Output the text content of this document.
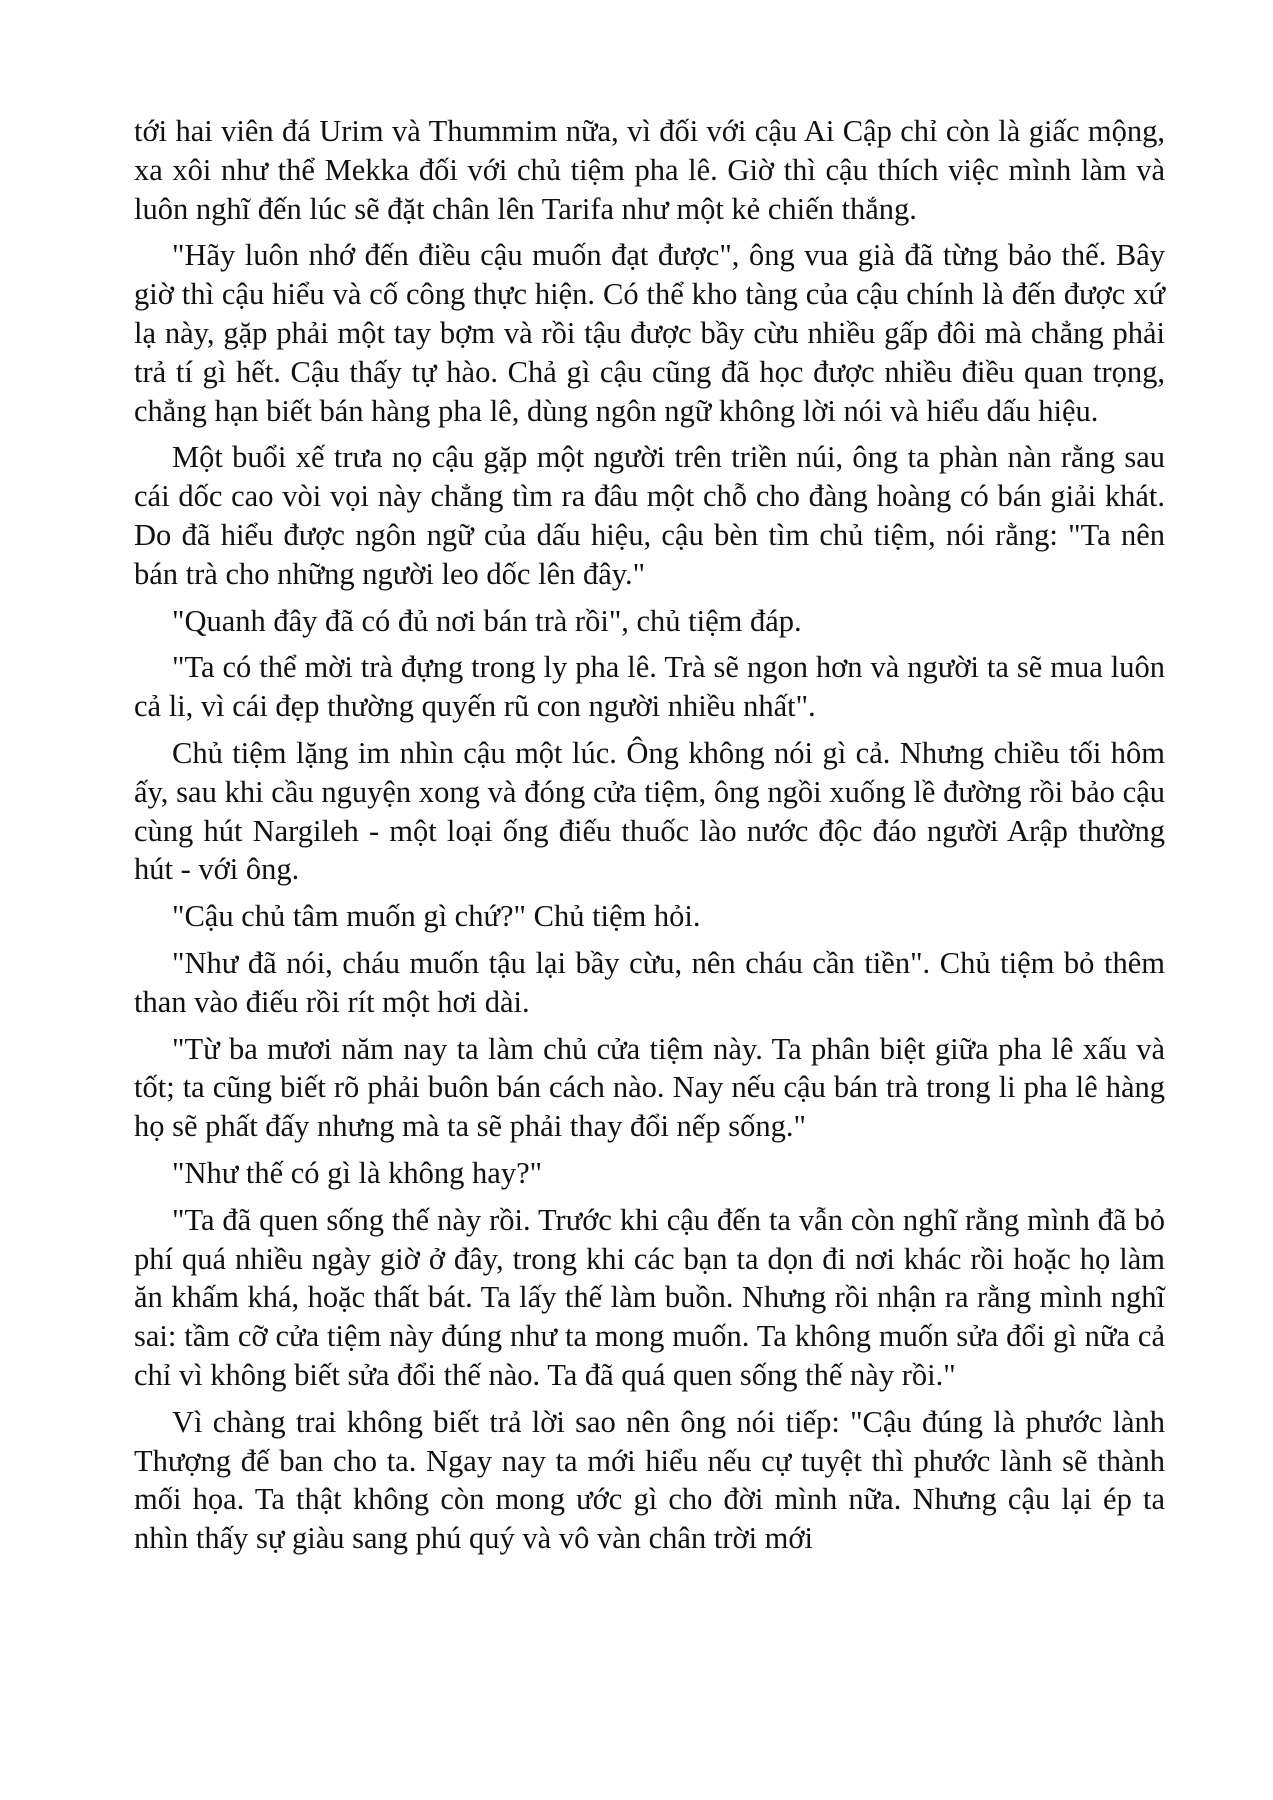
tới hai viên đá Urim và Thummim nữa, vì đối với cậu Ai Cập chỉ còn là giấc mộng, xa xôi như thể Mekka đối với chủ tiệm pha lê. Giờ thì cậu thích việc mình làm và luôn nghĩ đến lúc sẽ đặt chân lên Tarifa như một kẻ chiến thắng.

"Hãy luôn nhớ đến điều cậu muốn đạt được", ông vua già đã từng bảo thế. Bây giờ thì cậu hiểu và cố công thực hiện. Có thể kho tàng của cậu chính là đến được xứ lạ này, gặp phải một tay bợm và rồi tậu được bầy cừu nhiều gấp đôi mà chẳng phải trả tí gì hết. Cậu thấy tự hào. Chả gì cậu cũng đã học được nhiều điều quan trọng, chẳng hạn biết bán hàng pha lê, dùng ngôn ngữ không lời nói và hiểu dấu hiệu.

Một buổi xế trưa nọ cậu gặp một người trên triền núi, ông ta phàn nàn rằng sau cái dốc cao vòi vọi này chẳng tìm ra đâu một chỗ cho đàng hoàng có bán giải khát. Do đã hiểu được ngôn ngữ của dấu hiệu, cậu bèn tìm chủ tiệm, nói rằng: "Ta nên bán trà cho những người leo dốc lên đây."

"Quanh đây đã có đủ nơi bán trà rồi", chủ tiệm đáp.

"Ta có thể mời trà đựng trong ly pha lê. Trà sẽ ngon hơn và người ta sẽ mua luôn cả li, vì cái đẹp thường quyến rũ con người nhiều nhất".

Chủ tiệm lặng im nhìn cậu một lúc. Ông không nói gì cả. Nhưng chiều tối hôm ấy, sau khi cầu nguyện xong và đóng cửa tiệm, ông ngồi xuống lề đường rồi bảo cậu cùng hút Nargileh - một loại ống điếu thuốc lào nước độc đáo người Arập thường hút - với ông.

"Cậu chủ tâm muốn gì chứ?" Chủ tiệm hỏi.

"Như đã nói, cháu muốn tậu lại bầy cừu, nên cháu cần tiền". Chủ tiệm bỏ thêm than vào điếu rồi rít một hơi dài.

"Từ ba mươi năm nay ta làm chủ cửa tiệm này. Ta phân biệt giữa pha lê xấu và tốt; ta cũng biết rõ phải buôn bán cách nào. Nay nếu cậu bán trà trong li pha lê hàng họ sẽ phất đấy nhưng mà ta sẽ phải thay đổi nếp sống."

"Như thế có gì là không hay?"

"Ta đã quen sống thế này rồi. Trước khi cậu đến ta vẫn còn nghĩ rằng mình đã bỏ phí quá nhiều ngày giờ ở đây, trong khi các bạn ta dọn đi nơi khác rồi hoặc họ làm ăn khấm khá, hoặc thất bát. Ta lấy thế làm buồn. Nhưng rồi nhận ra rằng mình nghĩ sai: tầm cỡ cửa tiệm này đúng như ta mong muốn. Ta không muốn sửa đổi gì nữa cả chỉ vì không biết sửa đổi thế nào. Ta đã quá quen sống thế này rồi."

Vì chàng trai không biết trả lời sao nên ông nói tiếp: "Cậu đúng là phước lành Thượng đế ban cho ta. Ngay nay ta mới hiểu nếu cự tuyệt thì phước lành sẽ thành mối họa. Ta thật không còn mong ước gì cho đời mình nữa. Nhưng cậu lại ép ta nhìn thấy sự giàu sang phú quý và vô vàn chân trời mới
